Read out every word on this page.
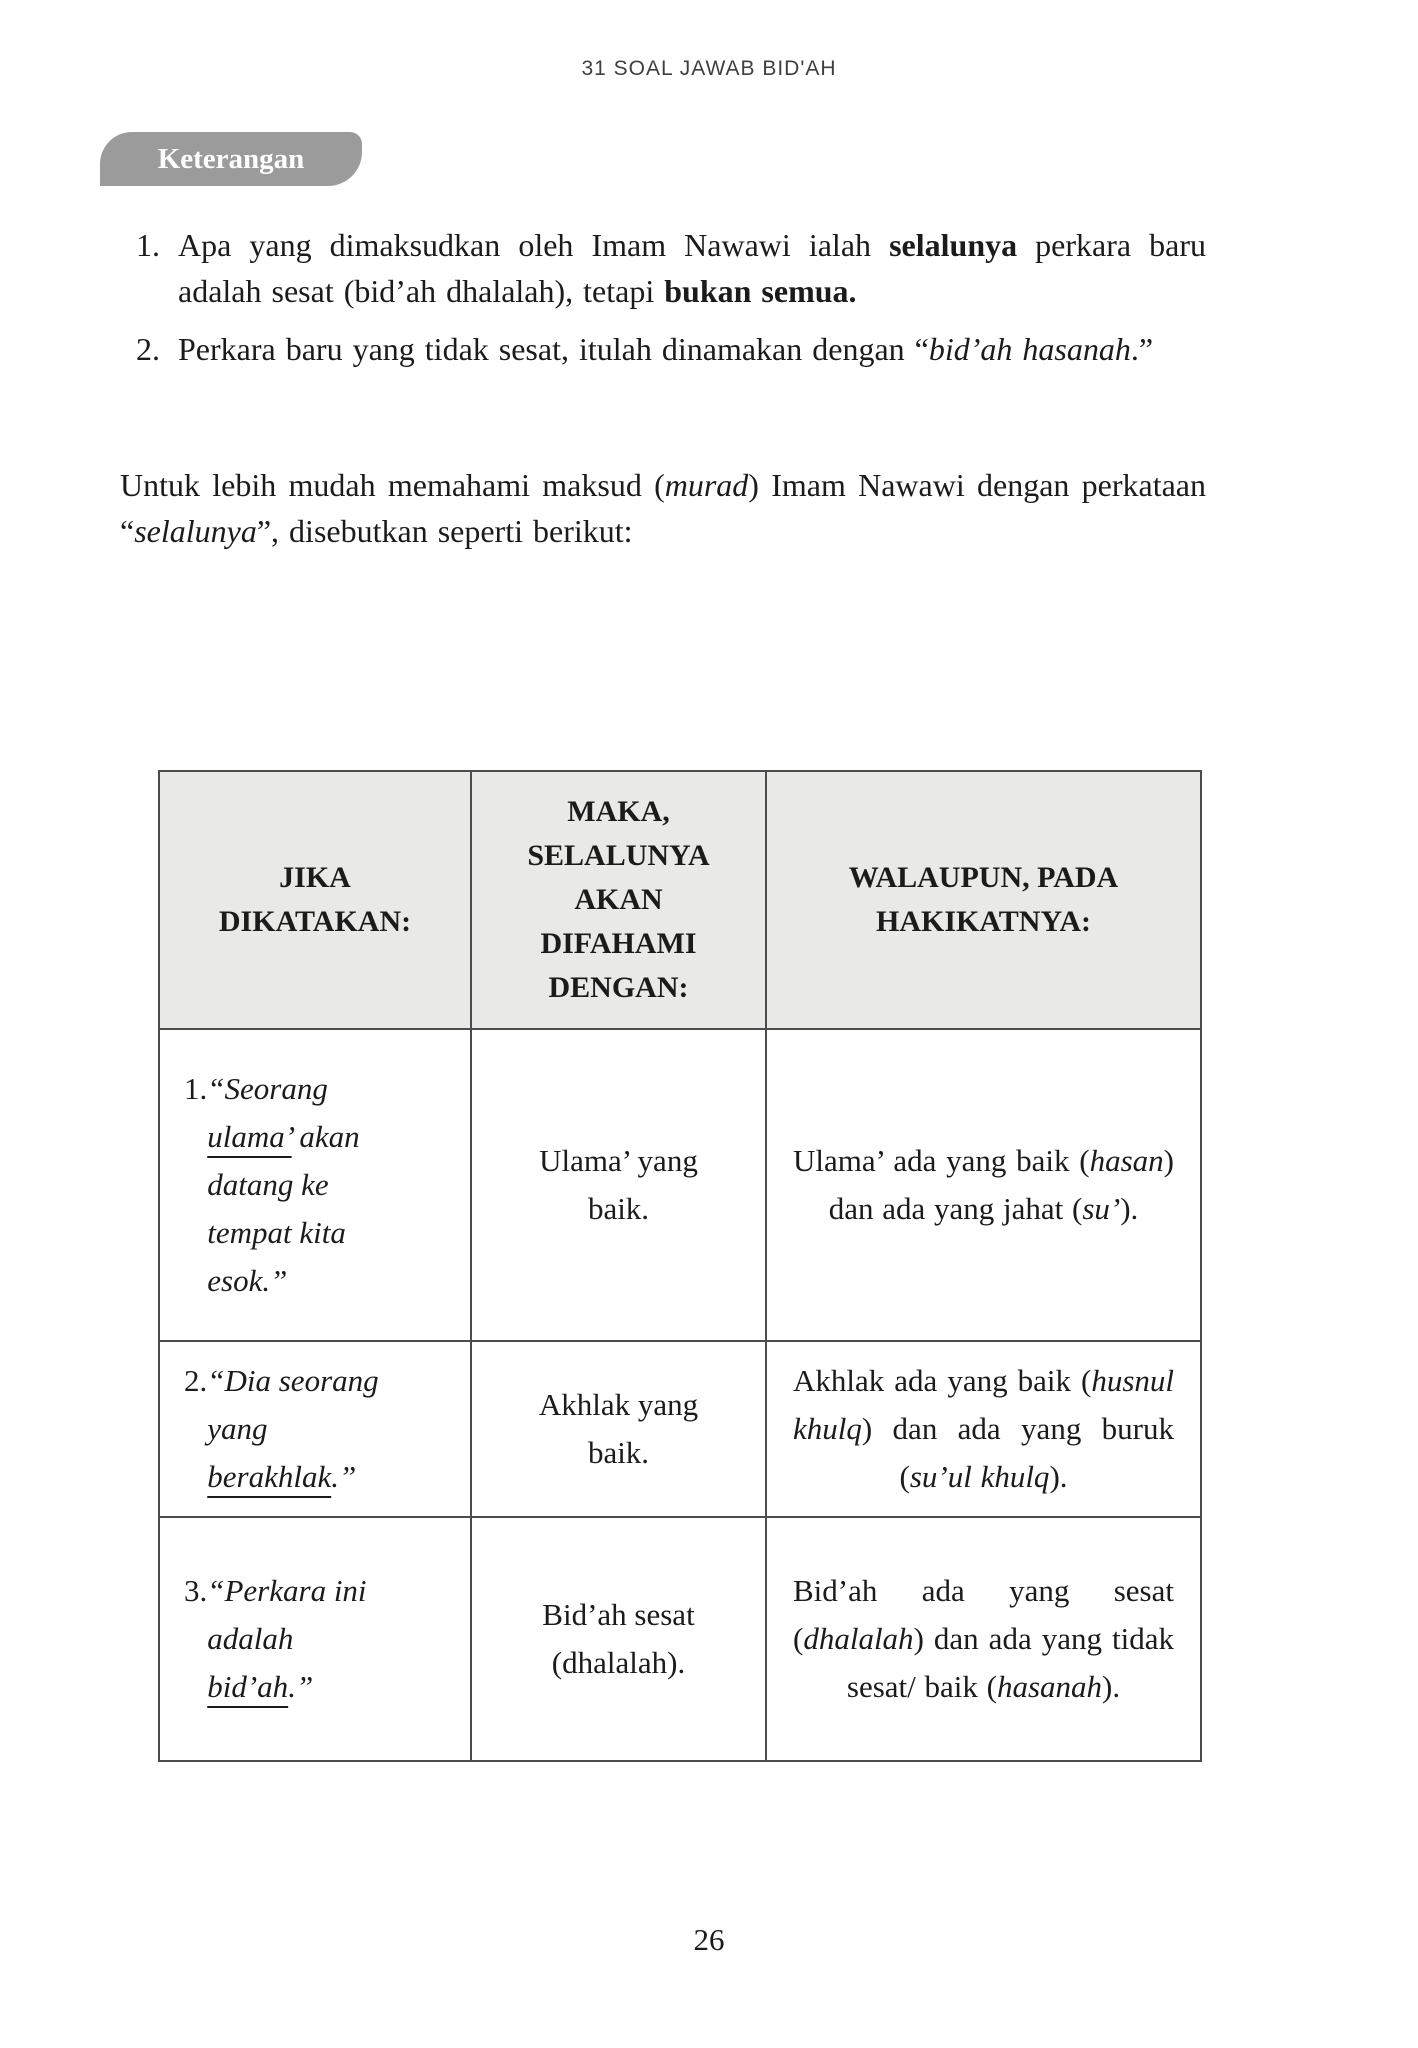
31 SOAL JAWAB BID'AH
Keterangan
1. Apa yang dimaksudkan oleh Imam Nawawi ialah selalunya perkara baru adalah sesat (bid’ah dhalalah), tetapi bukan semua.
2. Perkara baru yang tidak sesat, itulah dinamakan dengan “bid’ah hasanah.”
Untuk lebih mudah memahami maksud (murad) Imam Nawawi dengan perkataan “selalunya”, disebutkan seperti berikut:
JIKA DIKATAKAN:	MAKA, SELALUNYA AKAN DIFAHAMI DENGAN:	WALAUPUN, PADA HAKIKATNYA:

1. “Seorang ulama’ akan datang ke tempat kita esok.”	Ulama’ yang baik.	Ulama’ ada yang baik (hasan) dan ada yang jahat (su’).

2. “Dia seorang yang berakhlak.”	Akhlak yang baik.	Akhlak ada yang baik (husnul khulq) dan ada yang buruk (su’ul khulq).

3. “Perkara ini adalah bid’ah.”	Bid’ah sesat (dhalalah).	Bid’ah ada yang sesat (dhalalah) dan ada yang tidak sesat/ baik (hasanah).
26
